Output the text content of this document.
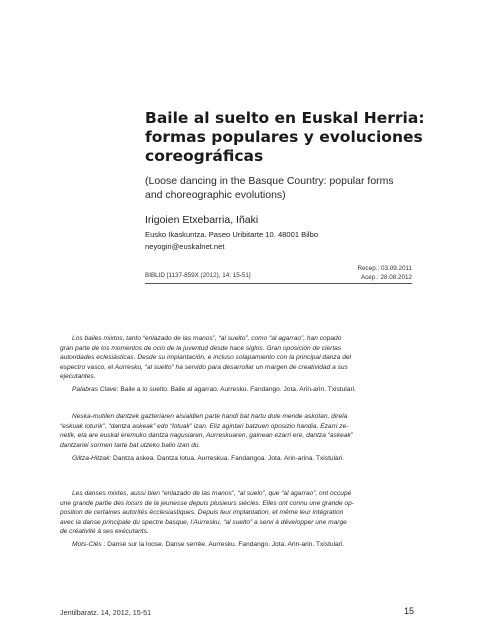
Baile al suelto en Euskal Herria:
formas populares y evoluciones
coreográficas
(Loose dancing in the Basque Country: popular forms
and choreographic evolutions)
Irigoien Etxebarria, Iñaki
Eusko Ikaskuntza. Paseo Uribitarte 10. 48001 Bilbo
neyogiri@euskalnet.net
BIBLID [1137-859X (2012), 14; 15-51]
Recep.: 03.09.2011
Acep.: 28.08.2012
Los bailes mixtos, tanto “enlazado de las manos”, “al suelto”, como “al agarrao”, han copado
gran parte de los momentos de ocio de la juventud desde hace siglos. Gran oposición de ciertas
autoridades eclesiásticas. Desde su implantación, e incluso solapamiento con la principal danza del
espectro vasco, el Aurresku, “al suelto” ha servido para desarrollar un margen de creatividad a sus
ejecutantes.
Palabras Clave: Baile a lo suelto. Baile al agarrao. Aurresku. Fandango. Jota. Arin-arin. Txistulari.
Neska-mutilen dantzek gazteriaren aisialdien parte handi bat hartu dute mende askotan, direla
“eskuak loturik”, “dantza askeak” edo “lotuak” izan. Eliz agintari batzuen oposizio handia. Ezarri ze-
netik, eta are euskal eremuko dantza nagusiaren, Aurreskuaren, gainean ezarri ere, dantza “askeak”
dantzariei sormen tarte bat utzeko balio izan du.
Giltza-Hitzak: Dantza askea. Dantza lotua. Aurreskua. Fandangoa. Jota. Arin-arina. Txistulari.
Les danses mixtes, aussi bien “enlazado de las manos”, “al suelo”, que “al agarrao”, ont occupé
une grande partie des loisirs de la jeunesse depuis plusieurs siècles. Elles ont connu une grande op-
position de certaines autorités écclesiastiques. Depuis leur implantation, et même leur intégration
avec la danse principale du spectre basque, l'Aurresku, “al suelto” a servi à développer une marge
de créativité à ses exécutants.
Mots-Clés : Danse sur la loose. Danse serrée. Aurresku. Fandango. Jota. Arin-arin. Txistulari.
Jentilbaratz. 14, 2012, 15-51	15
